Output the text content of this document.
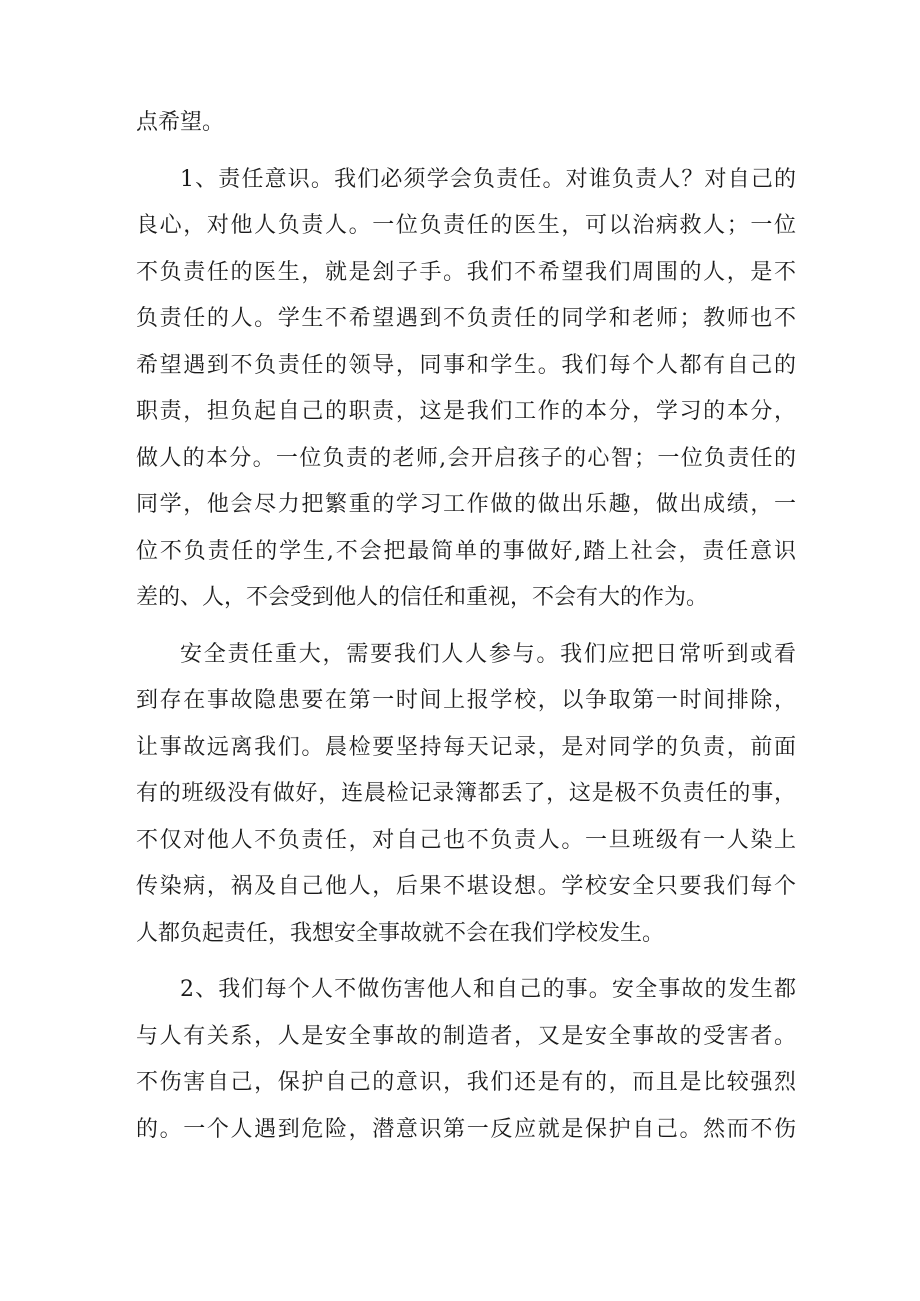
点希望。
1、责任意识。我们必须学会负责任。对谁负责人？对自己的
良心，对他人负责人。一位负责任的医生，可以治病救人；一位
不负责任的医生，就是刽子手。我们不希望我们周围的人，是不
负责任的人。学生不希望遇到不负责任的同学和老师；教师也不
希望遇到不负责任的领导，同事和学生。我们每个人都有自己的
职责，担负起自己的职责，这是我们工作的本分，学习的本分，
做人的本分。一位负责的老师,会开启孩子的心智；一位负责任的
同学，他会尽力把繁重的学习工作做的做出乐趣，做出成绩，一
位不负责任的学生,不会把最简单的事做好,踏上社会，责任意识
差的、人，不会受到他人的信任和重视，不会有大的作为。
安全责任重大，需要我们人人参与。我们应把日常听到或看
到存在事故隐患要在第一时间上报学校，以争取第一时间排除，
让事故远离我们。晨检要坚持每天记录，是对同学的负责，前面
有的班级没有做好，连晨检记录簿都丢了，这是极不负责任的事，
不仅对他人不负责任，对自己也不负责人。一旦班级有一人染上
传染病，祸及自己他人，后果不堪设想。学校安全只要我们每个
人都负起责任，我想安全事故就不会在我们学校发生。
2、我们每个人不做伤害他人和自己的事。安全事故的发生都
与人有关系，人是安全事故的制造者，又是安全事故的受害者。
不伤害自己，保护自己的意识，我们还是有的，而且是比较强烈
的。一个人遇到危险，潜意识第一反应就是保护自己。然而不伤
